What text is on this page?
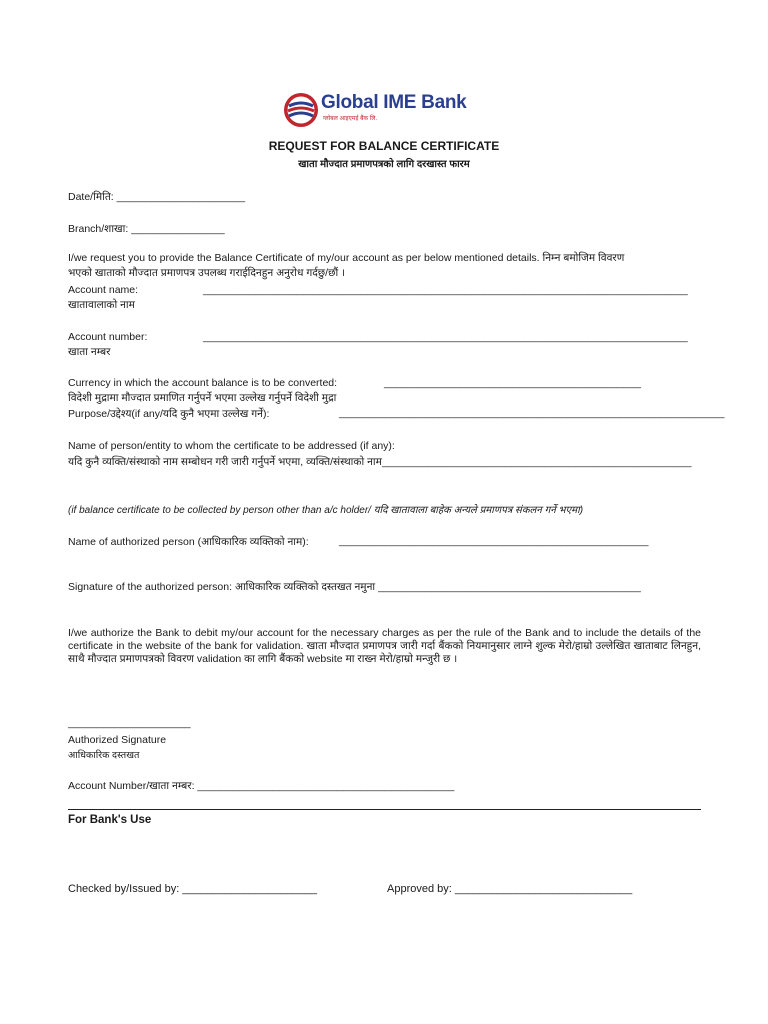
Global IME Bank
ग्लोबल आइएमई बैंक लि.
REQUEST FOR BALANCE CERTIFICATE
खाता मौज्दात प्रमाणपत्रको लागि दरखास्त फारम
Date/मिति: ______________________
Branch/शाखा: ________________
I/we request you to provide the Balance Certificate of my/our account as per below mentioned details. निम्न बमोजिम विवरण
भएको खाताको मौज्दात प्रमाणपत्र उपलब्ध गराईदिनहुन अनुरोध गर्दछु/छौं ।
Account name:	___________________________________________________________________________________
खातावालाको नाम
Account number:	___________________________________________________________________________________
खाता नम्बर
Currency in which the account balance is to be converted:	____________________________________________
विदेशी मुद्रामा मौज्दात प्रमाणित गर्नुपर्ने भएमा उल्लेख गर्नुपर्ने विदेशी मुद्रा
Purpose/उद्देश्य(if any/यदि कुनै भएमा उल्लेख गर्ने):	__________________________________________________________________
Name of person/entity to whom the certificate to be addressed (if any):
यदि कुनै व्यक्ति/संस्थाको नाम सम्बोधन गरी जारी गर्नुपर्ने भएमा, व्यक्ति/संस्थाको नाम_____________________________________________________
(if balance certificate to be collected by person other than a/c holder/ यदि खातावाला बाहेक अन्यले प्रमाणपत्र संकलन गर्ने भएमा)
Name of authorized person (आधिकारिक व्यक्तिको नाम):	_____________________________________________________
Signature of the authorized person: आधिकारिक व्यक्तिको दस्तखत नमुना _____________________________________________
I/we authorize the Bank to debit my/our account for the necessary charges as per the rule of the Bank and to include the details of the certificate in the website of the bank for validation. खाता मौज्दात प्रमाणपत्र जारी गर्दा बैंकको नियमानुसार लाग्ने शुल्क मेरो/हाम्रो उल्लेखित खाताबाट लिनहुन, साथै मौज्दात प्रमाणपत्रको विवरण validation का लागि बैंकको website मा राख्न मेरो/हाम्रो मन्जुरी छ ।
_____________________
Authorized Signature
आधिकारिक दस्तखत
Account Number/खाता नम्बर: ____________________________________________
For Bank's Use
Checked by/Issued by: ______________________	Approved by: _____________________________
